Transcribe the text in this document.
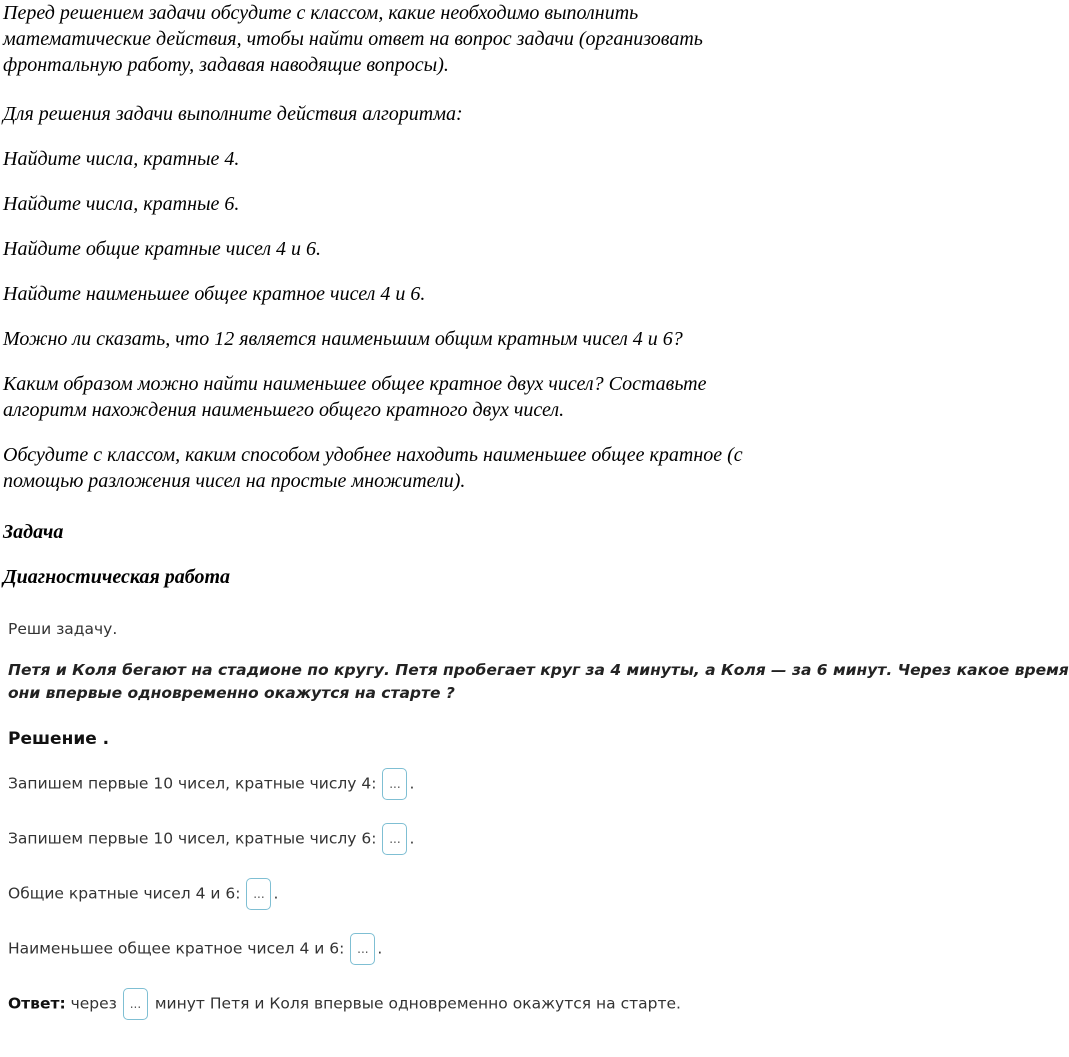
Перед решением задачи обсудите с классом, какие необходимо выполнить
математические действия, чтобы найти ответ на вопрос задачи (организовать
фронтальную работу, задавая наводящие вопросы).
Для решения задачи выполните действия алгоритма:
Найдите числа, кратные 4.
Найдите числа, кратные 6.
Найдите общие кратные чисел 4 и 6.
Найдите наименьшее общее кратное чисел 4 и 6.
Можно ли сказать, что 12 является наименьшим общим кратным чисел 4 и 6?
Каким образом можно найти наименьшее общее кратное двух чисел? Составьте
алгоритм нахождения наименьшего общего кратного двух чисел.
Обсудите с классом, каким способом удобнее находить наименьшее общее кратное (с
помощью разложения чисел на простые множители).
Задача
Диагностическая работа
Реши задачу.
Петя и Коля бегают на стадионе по кругу. Петя пробегает круг за 4 минуты, а Коля — за 6 минут. Через какое время
они впервые одновременно окажутся на старте ?
Решение .
Запишем первые 10 чисел, кратные числу 4: ... .
Запишем первые 10 чисел, кратные числу 6: ... .
Общие кратные чисел 4 и 6: ... .
Наименьшее общее кратное чисел 4 и 6: ... .
Ответ: через ... минут Петя и Коля впервые одновременно окажутся на старте.
